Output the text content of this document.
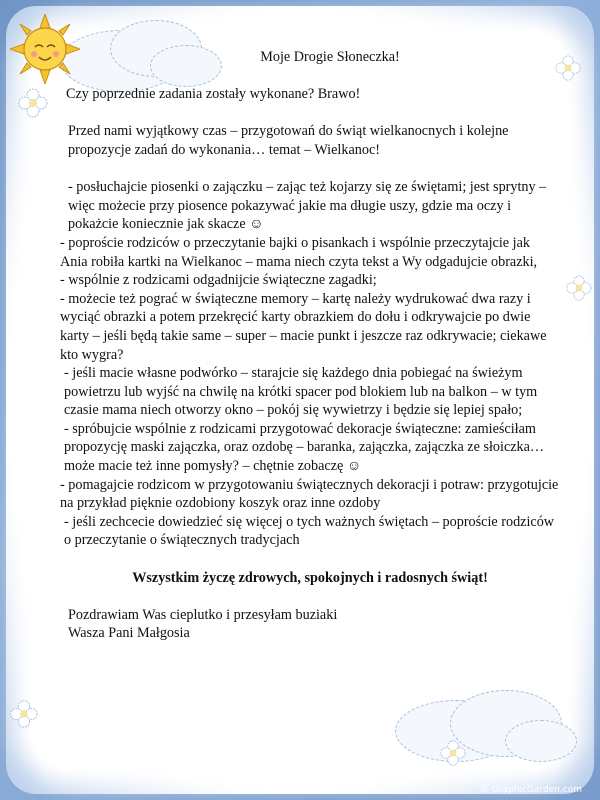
Moje Drogie Słoneczka!

Czy poprzednie zadania zostały wykonane? Brawo!

Przed nami wyjątkowy czas – przygotowań do świąt wielkanocnych i kolejne propozycje zadań do wykonania… temat – Wielkanoc!

- posłuchajcie piosenki o zajączku – zając też kojarzy się ze świętami; jest sprytny – więc możecie przy piosence pokazywać jakie ma długie uszy, gdzie ma oczy i pokażcie koniecznie jak skacze ☺

- poproście rodziców o przeczytanie bajki o pisankach i wspólnie przeczytajcie jak Ania robiła kartki na Wielkanoc – mama niech czyta tekst a Wy odgadujcie obrazki,

- wspólnie z rodzicami odgadnijcie świąteczne zagadki;

- możecie też pograć w świąteczne memory – kartę należy wydrukować dwa razy i wyciąć obrazki a potem przekręcić karty obrazkiem do dołu i odkrywajcie po dwie karty – jeśli będą takie same – super – macie punkt i jeszcze raz odkrywacie; ciekawe kto wygra?

- jeśli macie własne podwórko – starajcie się każdego dnia pobiegać na świeżym powietrzu lub wyjść na chwilę na krótki spacer pod blokiem lub na balkon – w tym czasie mama niech otworzy okno – pokój się wywietrzy i będzie się lepiej spało;

- spróbujcie wspólnie z rodzicami przygotować dekoracje świąteczne: zamieściłam propozycję maski zajączka, oraz ozdobę – baranka, zajączka, zajączka ze słoiczka… może macie też inne pomysły? – chętnie zobaczę ☺

- pomagajcie rodzicom w przygotowaniu świątecznych dekoracji i potraw: przygotujcie na przykład pięknie ozdobiony koszyk oraz inne ozdoby

- jeśli zechcecie dowiedzieć się więcej o tych ważnych świętach – poproście rodziców o przeczytanie o świątecznych tradycjach

Wszystkim życzę zdrowych, spokojnych i radosnych świąt!

Pozdrawiam Was cieplutko i przesyłam buziaki

Wasza Pani Małgosia

© GraphicGarden.com
